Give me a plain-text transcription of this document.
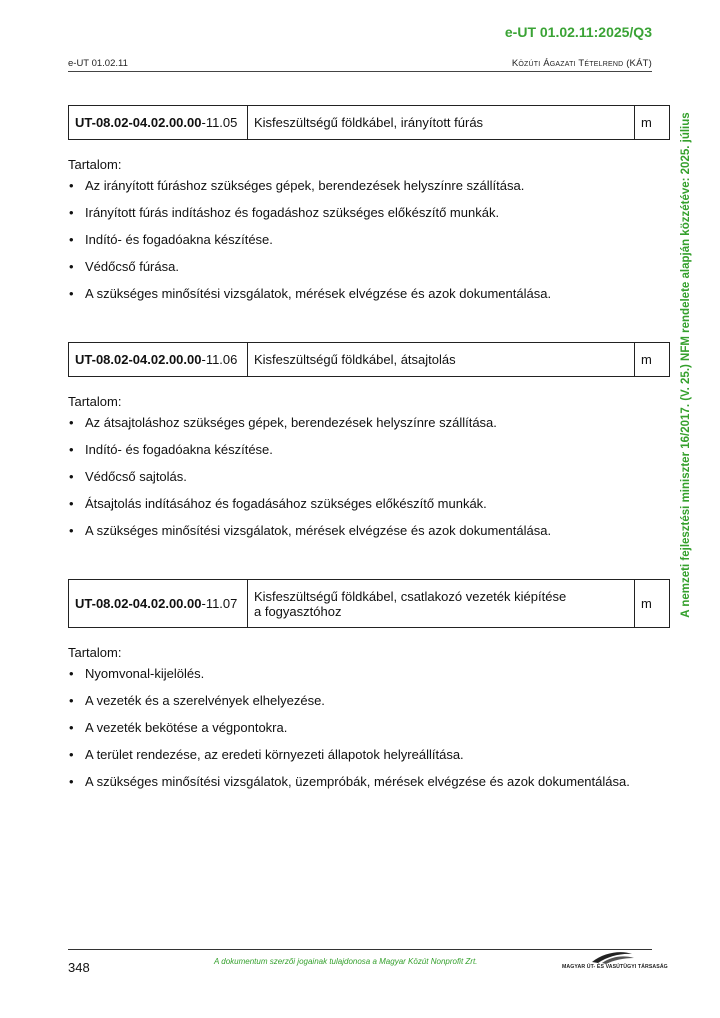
e-UT 01.02.11:2025/Q3
e-UT 01.02.11	Közúti Ágazati Tételrend (KÁT)
A nemzeti fejlesztési miniszter 16/2017. (V. 25.) NFM rendelete alapján közzétéve: 2025. július
UT-08.02-04.02.00.00-11.05	Kisfeszültségű földkábel, irányított fúrás	m

Tartalom:

• Az irányított fúráshoz szükséges gépek, berendezések helyszínre szállítása.
• Irányított fúrás indításhoz és fogadáshoz szükséges előkészítő munkák.
• Indító- és fogadóakna készítése.
• Védőcső fúrása.
• A szükséges minősítési vizsgálatok, mérések elvégzése és azok dokumentálása.
UT-08.02-04.02.00.00-11.06	Kisfeszültségű földkábel, átsajtolás	m

Tartalom:

• Az átsajtoláshoz szükséges gépek, berendezések helyszínre szállítása.
• Indító- és fogadóakna készítése.
• Védőcső sajtolás.
• Átsajtolás indításához és fogadásához szükséges előkészítő munkák.
• A szükséges minősítési vizsgálatok, mérések elvégzése és azok dokumentálása.
UT-08.02-04.02.00.00-11.07	Kisfeszültségű földkábel, csatlakozó vezeték kiépítése
a fogyasztóhoz	m

Tartalom:

• Nyomvonal-kijelölés.
• A vezeték és a szerelvények elhelyezése.
• A vezeték bekötése a végpontokra.
• A terület rendezése, az eredeti környezeti állapotok helyreállítása.
• A szükséges minősítési vizsgálatok, üzempróbák, mérések elvégzése és azok dokumentálása.
348	A dokumentum szerzői jogainak tulajdonosa a Magyar Közút Nonprofit Zrt.
MAGYAR ÚT- ÉS VASÚTÜGYI TÁRSASÁG
